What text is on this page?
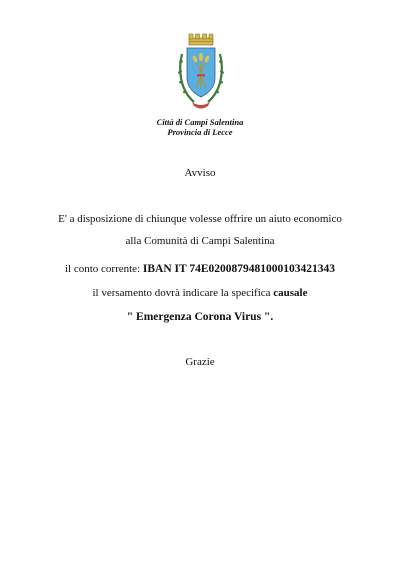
Città di Campi Salentina
Provincia di Lecce
Avviso
E' a disposizione di chiunque volesse offrire un aiuto economico
alla Comunità di Campi Salentina
il conto corrente: IBAN IT 74E0200879481000103421343
il versamento dovrà indicare la specifica causale
" Emergenza Corona Virus ".
Grazie
